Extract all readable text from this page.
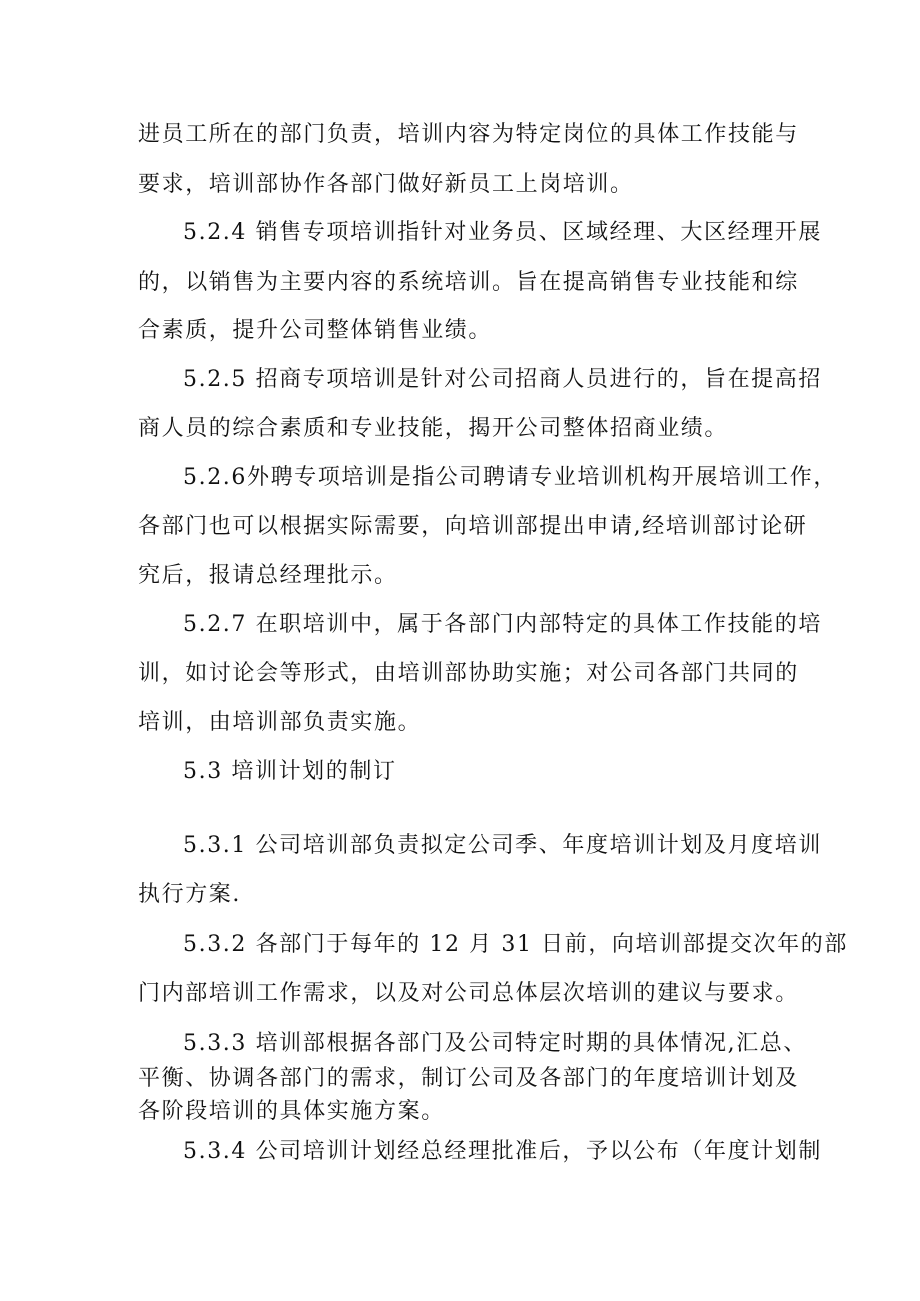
进员工所在的部门负责，培训内容为特定岗位的具体工作技能与
要求，培训部协作各部门做好新员工上岗培训。
5.2.4 销售专项培训指针对业务员、区域经理、大区经理开展
的，以销售为主要内容的系统培训。旨在提高销售专业技能和综
合素质，提升公司整体销售业绩。
5.2.5 招商专项培训是针对公司招商人员进行的，旨在提高招
商人员的综合素质和专业技能，揭开公司整体招商业绩。
5.2.6外聘专项培训是指公司聘请专业培训机构开展培训工作，
各部门也可以根据实际需要，向培训部提出申请,经培训部讨论研
究后，报请总经理批示。
5.2.7 在职培训中，属于各部门内部特定的具体工作技能的培
训，如讨论会等形式，由培训部协助实施；对公司各部门共同的
培训，由培训部负责实施。
5.3 培训计划的制订
5.3.1 公司培训部负责拟定公司季、年度培训计划及月度培训
执行方案.
5.3.2 各部门于每年的 12 月 31 日前，向培训部提交次年的部
门内部培训工作需求，以及对公司总体层次培训的建议与要求。
5.3.3 培训部根据各部门及公司特定时期的具体情况,汇总、
平衡、协调各部门的需求，制订公司及各部门的年度培训计划及
各阶段培训的具体实施方案。
5.3.4 公司培训计划经总经理批准后，予以公布（年度计划制
